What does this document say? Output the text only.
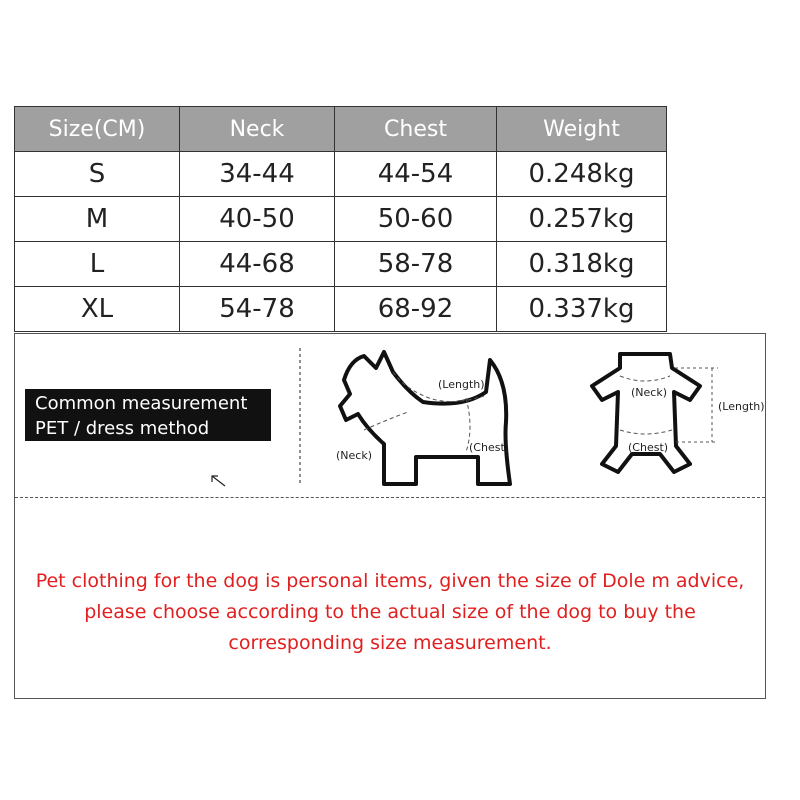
Size(CM)	Neck	Chest	Weight
S	34-44	44-54	0.248kg
M	40-50	50-60	0.257kg
L	44-68	58-78	0.318kg
XL	54-78	68-92	0.337kg
Common measurement
PET / dress method
(Length)
(Neck)
(Chest)
(Neck)
(Length)
(Chest)
Pet clothing for the dog is personal items, given the size of Dole m advice,
please choose according to the actual size of the dog to buy the
corresponding size measurement.
